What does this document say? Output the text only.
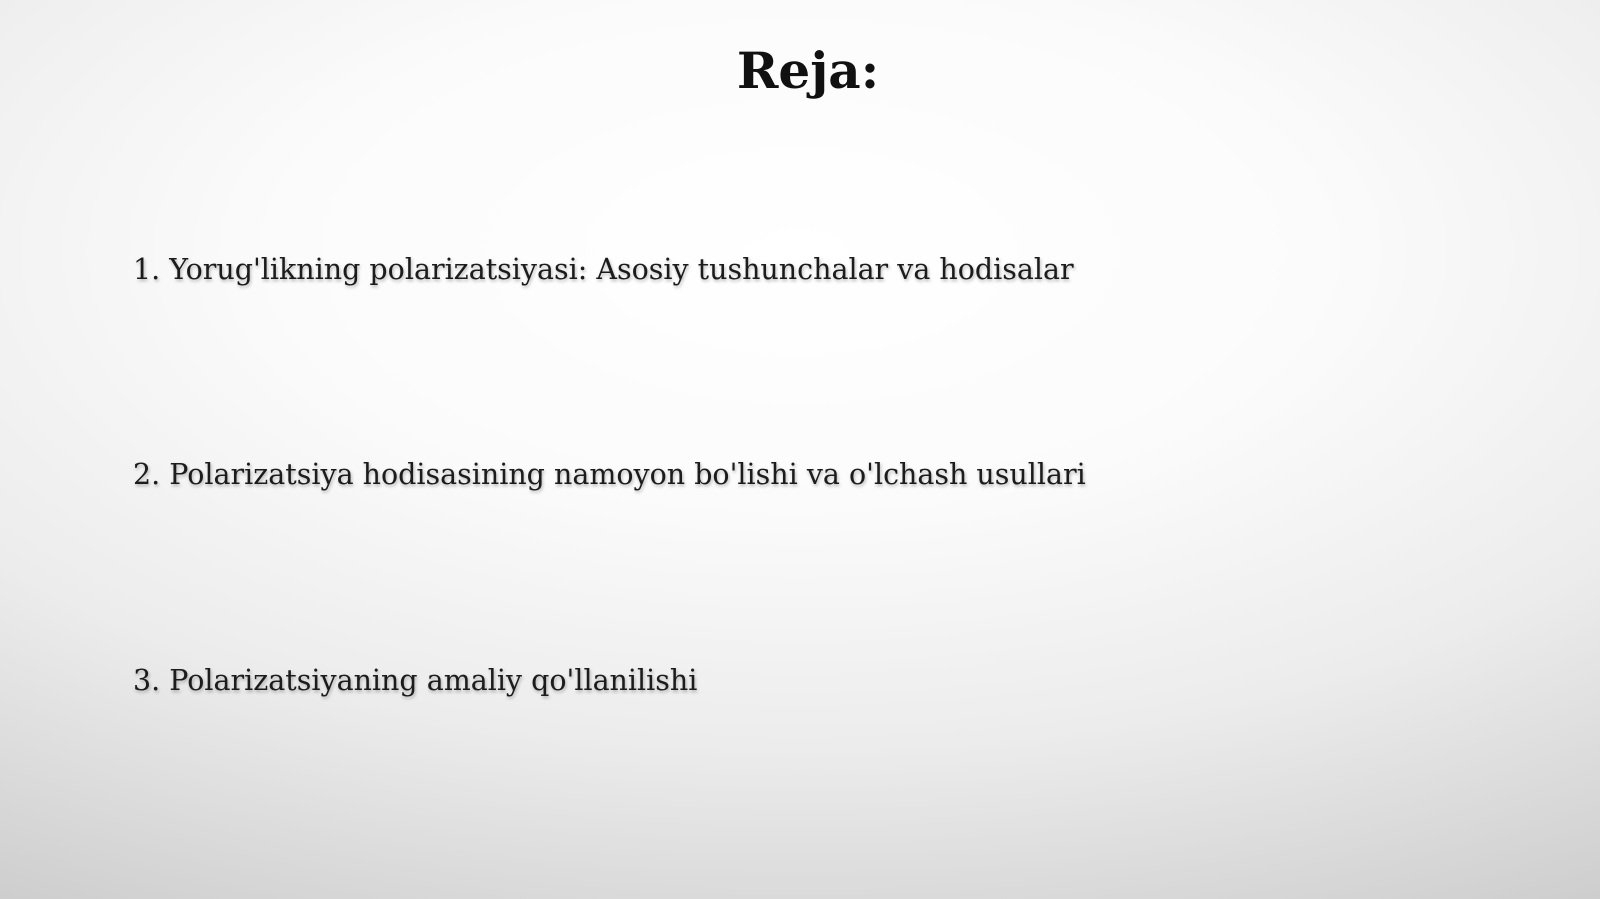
Reja:
1. Yorug'likning polarizatsiyasi: Asosiy tushunchalar va hodisalar
2. Polarizatsiya hodisasining namoyon bo'lishi va o'lchash usullari
3. Polarizatsiyaning amaliy qo'llanilishi
